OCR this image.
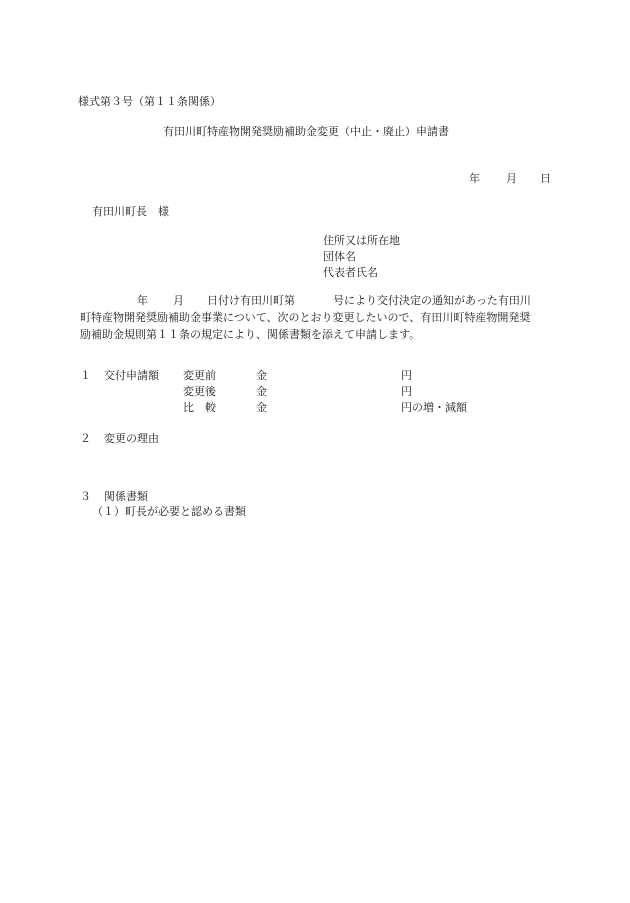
様式第３号（第１１条関係）
有田川町特産物開発奨励補助金変更（中止・廃止）申請書
年 月 日
有田川町長　様
住所又は所在地
団体名
代表者氏名
年 月 日付け有田川町第	号により交付決定の通知があった有田川
町特産物開発奨励補助金事業について、次のとおり変更したいので、有田川町特産物開発奨
励補助金規則第１１条の規定により、関係書類を添えて申請します。
１ 交付申請額 変更前	金	円
変更後	金	円
比　較	金	円の増・減額
２ 変更の理由
３ 関係書類
（１）町長が必要と認める書類
